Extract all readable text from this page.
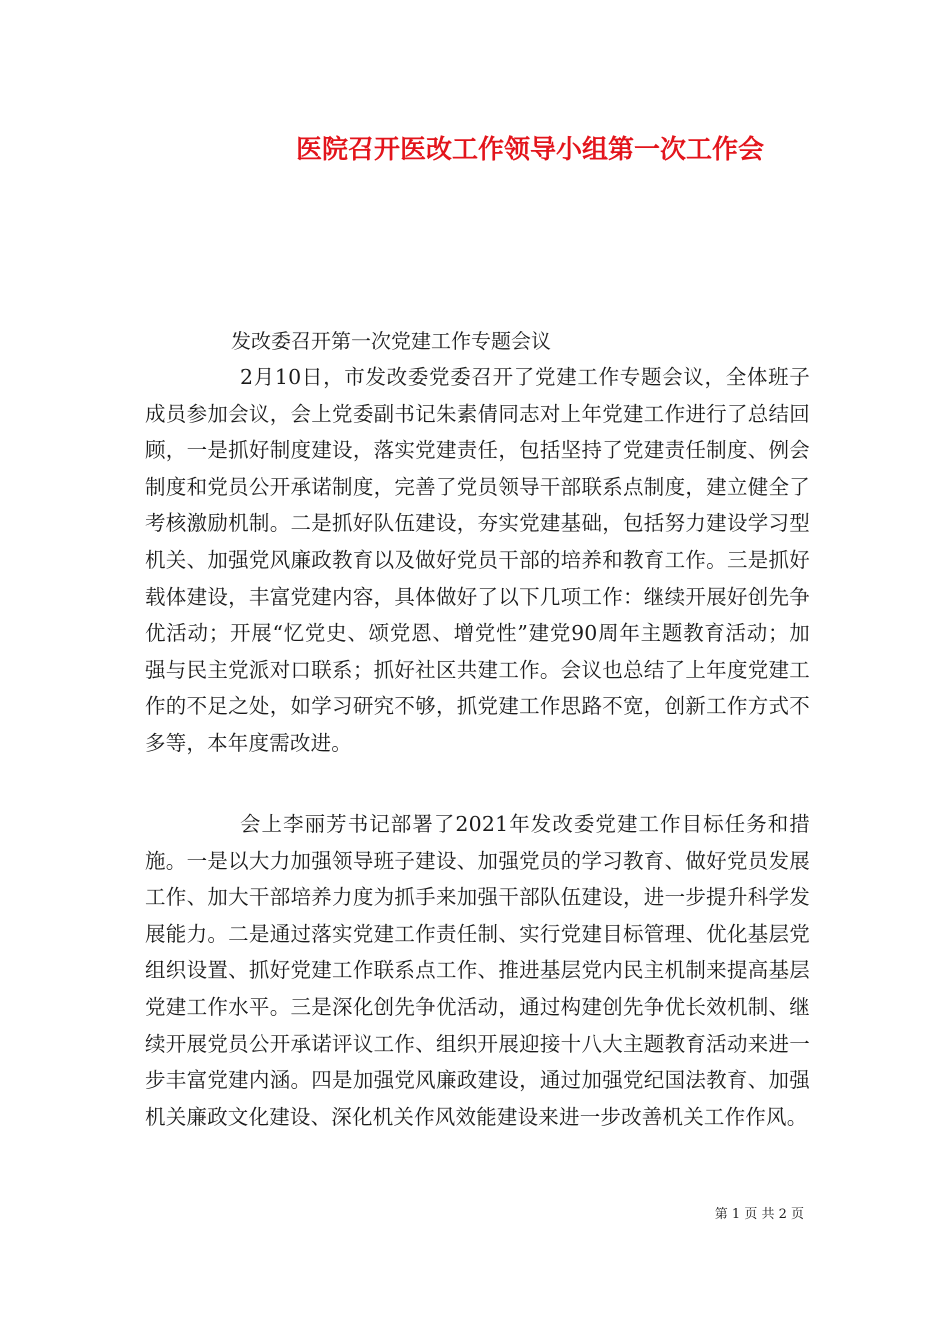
医院召开医改工作领导小组第一次工作会

发改委召开第一次党建工作专题会议

2月10日，市发改委党委召开了党建工作专题会议，全体班子成员参加会议，会上党委副书记朱素倩同志对上年党建工作进行了总结回顾，一是抓好制度建设，落实党建责任，包括坚持了党建责任制度、例会制度和党员公开承诺制度，完善了党员领导干部联系点制度，建立健全了考核激励机制。二是抓好队伍建设，夯实党建基础，包括努力建设学习型机关、加强党风廉政教育以及做好党员干部的培养和教育工作。三是抓好载体建设，丰富党建内容，具体做好了以下几项工作：继续开展好创先争优活动；开展“忆党史、颂党恩、增党性”建党90周年主题教育活动；加强与民主党派对口联系；抓好社区共建工作。会议也总结了上年度党建工作的不足之处，如学习研究不够，抓党建工作思路不宽，创新工作方式不多等，本年度需改进。

会上李丽芳书记部署了2021年发改委党建工作目标任务和措施。一是以大力加强领导班子建设、加强党员的学习教育、做好党员发展工作、加大干部培养力度为抓手来加强干部队伍建设，进一步提升科学发展能力。二是通过落实党建工作责任制、实行党建目标管理、优化基层党组织设置、抓好党建工作联系点工作、推进基层党内民主机制来提高基层党建工作水平。三是深化创先争优活动，通过构建创先争优长效机制、继续开展党员公开承诺评议工作、组织开展迎接十八大主题教育活动来进一步丰富党建内涵。四是加强党风廉政建设，通过加强党纪国法教育、加强机关廉政文化建设、深化机关作风效能建设来进一步改善机关工作作风。

第 1 页 共 2 页
